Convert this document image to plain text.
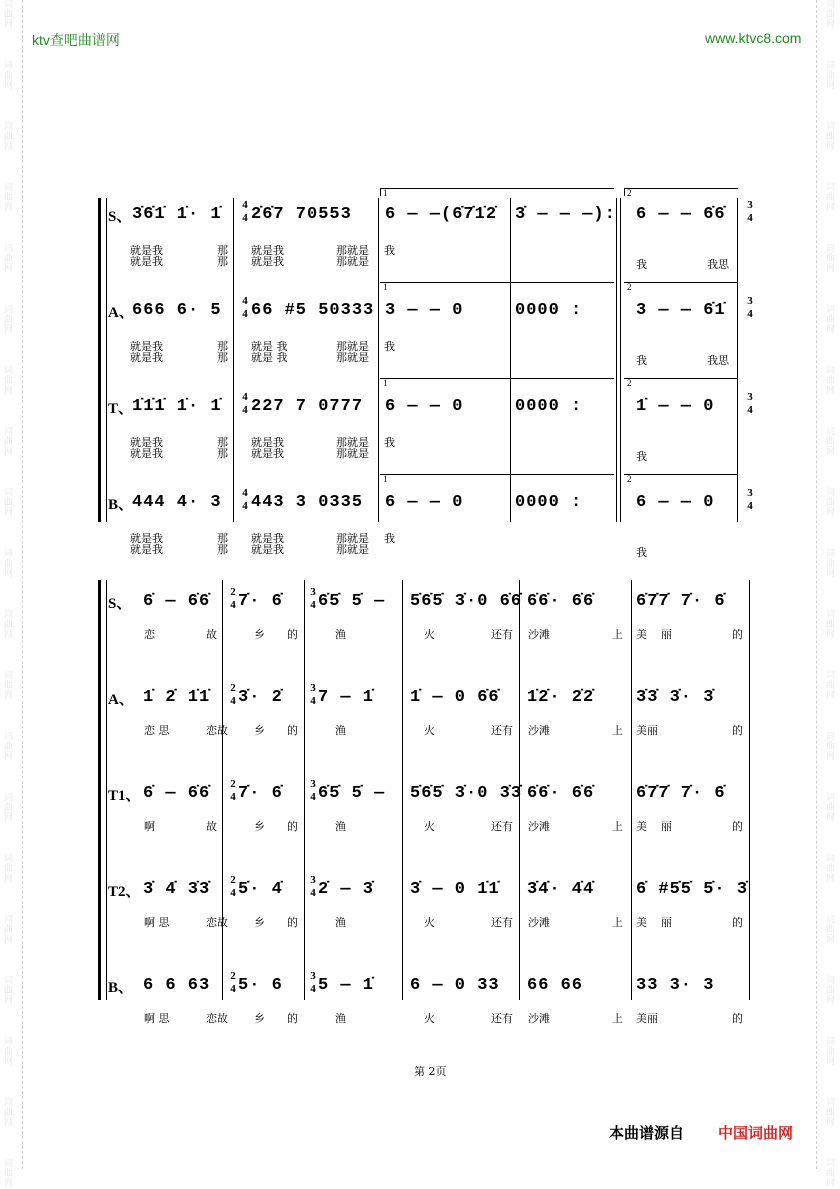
词
曲
网
词
曲
网
词
曲
网
词
曲
网
词
曲
网
词
曲
网
词
曲
网
词
曲
网
词
曲
网
词
曲
网
词
曲
网
词
曲
网
词
曲
网
词
曲
网
词
曲
网
词
曲
网
词
曲
网
词
曲
网
词
曲
网
词
曲
网
词
曲
网
词
曲
网
词
曲
网
词
曲
网
词
曲
网
词
曲
网
词
曲
网
词
曲
网
词
曲
网
词
曲
网
词
曲
网
词
曲
网
词
曲
网
词
曲
网
词
曲
网
词
曲
网
词
曲
网
词
曲
网
词
曲
网
词
曲
网
ktv查吧曲谱网	www.ktvc8.com
1	2
1	2
1	2
1	2
S、 3̇6̇1̇ 1̇· 1̇ 2̇6̇7 70553 6 — —(6̇7̇1̇2̇ 3̇ — — —): 6 — — 6̇6̇
4
4
3
4
就是我	那 就是我	那就是 我
就是我	那 就是我	那就是	我	我思
A、
666 6· 5 66 #5 50333 3 — — 0	0000 :	3 — — 6̇1̇
4
4
3
4
就是我	那 就是 我	那就是 我
就是我	那 就是 我	那就是	我	我思
T、
1̇1̇1̇ 1̇· 1̇ 227 7 0777 6 — — 0	0000 :	1̇ — — 0
4
4
3
4
就是我	那 就是我	那就是 我
就是我	那 就是我	那就是	我
B、
444 4· 3 443 3 0335 6 — — 0	0000 :	6 — — 0
4
4
3
4
就是我	那 就是我	那就是 我
就是我	那 就是我	那就是	我
S、 6̇ — 6̇6̇ 7̇· 6̇ 6̇5̇ 5̇ — 5̇6̇5̇ 3̇·0 6̇6̇ 6̇6̇· 6̇6̇ 6̇7̇7̇ 7̇· 6̇
2
4
3
4
恋	故	乡 的	渔	火	还有 沙滩	上 美 丽	的
A、 1̇ 2̇ 1̇1̇ 3̇· 2̇ 7 — 1̇ 1̇ — 0 6̇6̇ 1̇2̇· 2̇2̇ 3̇3̇ 3̇· 3̇
2
4
3
4
恋 思	恋故 乡 的	渔	火	还有 沙滩	上 美丽	的
T1、 6̇ — 6̇6̇ 7̇· 6̇ 6̇5̇ 5̇ — 5̇6̇5̇ 3̇·0 3̇3̇ 6̇6̇· 6̇6̇ 6̇7̇7̇ 7̇· 6̇
2
4
3
4
啊	故	乡 的	渔	火	还有 沙滩	上 美 丽	的
T2、 3̇ 4̇ 3̇3̇ 5̇· 4̇ 2̇ — 3̇ 3̇ — 0 1̇1̇ 3̇4̇· 4̇4̇ 6̇ #5̇5̇ 5̇· 3̇
2
4
3
4
啊 思	恋故 乡 的	渔	火	还有 沙滩	上 美 丽	的
B、 6 6 63 5· 6 5 — 1̇ 6 — 0 33 66 66	33 3· 3
2
4
3
4
啊 思	恋故 乡 的	渔	火	还有 沙滩	上 美丽	的
第 2页
本曲谱源自 中国词曲网
